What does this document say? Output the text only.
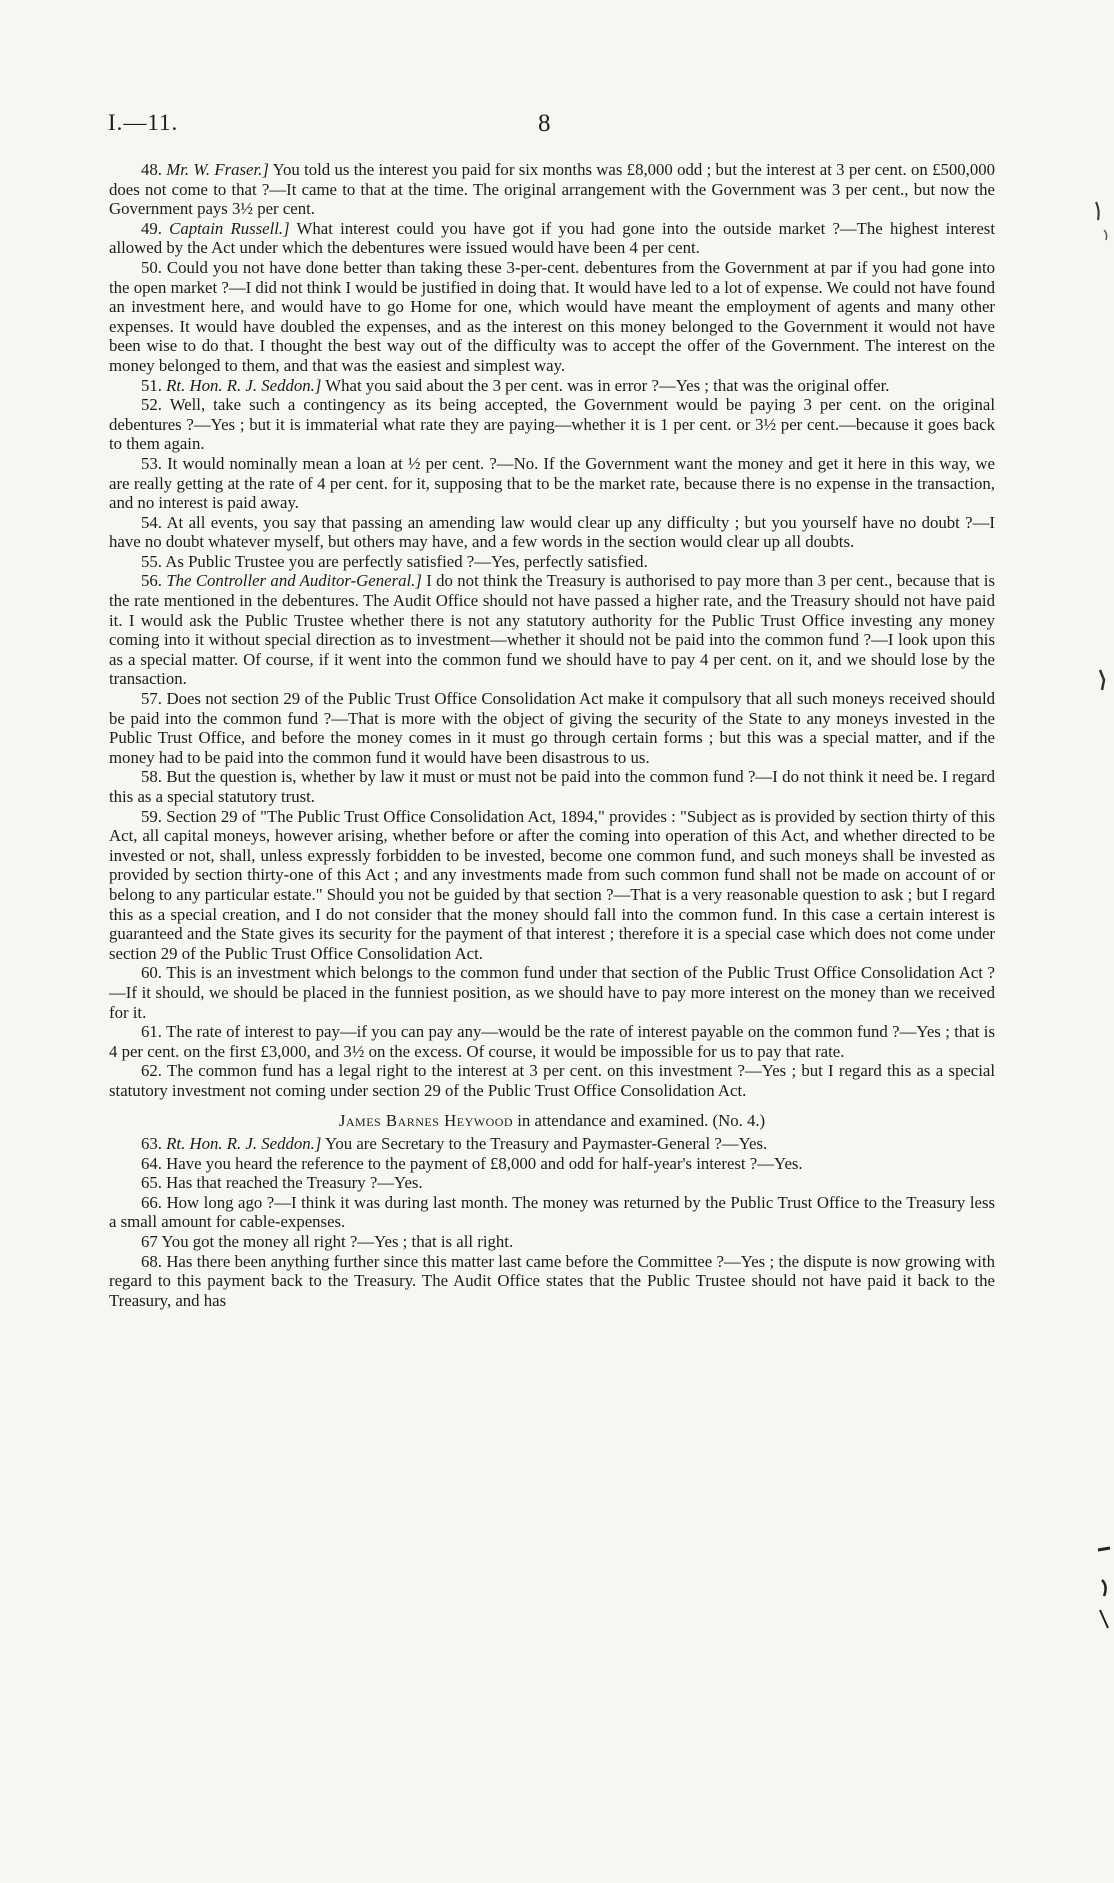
I.—11.	8

48. Mr. W. Fraser.] You told us the interest you paid for six months was £8,000 odd ; but the interest at 3 per cent. on £500,000 does not come to that ?—It came to that at the time. The original arrangement with the Government was 3 per cent., but now the Government pays 3½ per cent.

49. Captain Russell.] What interest could you have got if you had gone into the outside market ?—The highest interest allowed by the Act under which the debentures were issued would have been 4 per cent.

50. Could you not have done better than taking these 3-per-cent. debentures from the Government at par if you had gone into the open market ?—I did not think I would be justified in doing that. It would have led to a lot of expense. We could not have found an investment here, and would have to go Home for one, which would have meant the employment of agents and many other expenses. It would have doubled the expenses, and as the interest on this money belonged to the Government it would not have been wise to do that. I thought the best way out of the difficulty was to accept the offer of the Government. The interest on the money belonged to them, and that was the easiest and simplest way.

51. Rt. Hon. R. J. Seddon.] What you said about the 3 per cent. was in error ?—Yes ; that was the original offer.

52. Well, take such a contingency as its being accepted, the Government would be paying 3 per cent. on the original debentures ?—Yes ; but it is immaterial what rate they are paying—whether it is 1 per cent. or 3½ per cent.—because it goes back to them again.

53. It would nominally mean a loan at ½ per cent. ?—No. If the Government want the money and get it here in this way, we are really getting at the rate of 4 per cent. for it, supposing that to be the market rate, because there is no expense in the transaction, and no interest is paid away.

54. At all events, you say that passing an amending law would clear up any difficulty ; but you yourself have no doubt ?—I have no doubt whatever myself, but others may have, and a few words in the section would clear up all doubts.

55. As Public Trustee you are perfectly satisfied ?—Yes, perfectly satisfied.

56. The Controller and Auditor-General.] I do not think the Treasury is authorised to pay more than 3 per cent., because that is the rate mentioned in the debentures. The Audit Office should not have passed a higher rate, and the Treasury should not have paid it. I would ask the Public Trustee whether there is not any statutory authority for the Public Trust Office investing any money coming into it without special direction as to investment—whether it should not be paid into the common fund ?—I look upon this as a special matter. Of course, if it went into the common fund we should have to pay 4 per cent. on it, and we should lose by the transaction.

57. Does not section 29 of the Public Trust Office Consolidation Act make it compulsory that all such moneys received should be paid into the common fund ?—That is more with the object of giving the security of the State to any moneys invested in the Public Trust Office, and before the money comes in it must go through certain forms ; but this was a special matter, and if the money had to be paid into the common fund it would have been disastrous to us.

58. But the question is, whether by law it must or must not be paid into the common fund ?—I do not think it need be. I regard this as a special statutory trust.

59. Section 29 of "The Public Trust Office Consolidation Act, 1894," provides : "Subject as is provided by section thirty of this Act, all capital moneys, however arising, whether before or after the coming into operation of this Act, and whether directed to be invested or not, shall, unless expressly forbidden to be invested, become one common fund, and such moneys shall be invested as provided by section thirty-one of this Act ; and any investments made from such common fund shall not be made on account of or belong to any particular estate." Should you not be guided by that section ?—That is a very reasonable question to ask ; but I regard this as a special creation, and I do not consider that the money should fall into the common fund. In this case a certain interest is guaranteed and the State gives its security for the payment of that interest ; therefore it is a special case which does not come under section 29 of the Public Trust Office Consolidation Act.

60. This is an investment which belongs to the common fund under that section of the Public Trust Office Consolidation Act ?—If it should, we should be placed in the funniest position, as we should have to pay more interest on the money than we received for it.

61. The rate of interest to pay—if you can pay any—would be the rate of interest payable on the common fund ?—Yes ; that is 4 per cent. on the first £3,000, and 3½ on the excess. Of course, it would be impossible for us to pay that rate.

62. The common fund has a legal right to the interest at 3 per cent. on this investment ?—Yes ; but I regard this as a special statutory investment not coming under section 29 of the Public Trust Office Consolidation Act.

James Barnes Heywood in attendance and examined. (No. 4.)

63. Rt. Hon. R. J. Seddon.] You are Secretary to the Treasury and Paymaster-General ?—Yes.

64. Have you heard the reference to the payment of £8,000 and odd for half-year's interest ?—Yes.

65. Has that reached the Treasury ?—Yes.

66. How long ago ?—I think it was during last month. The money was returned by the Public Trust Office to the Treasury less a small amount for cable-expenses.

67 You got the money all right ?—Yes ; that is all right.

68. Has there been anything further since this matter last came before the Committee ?—Yes ; the dispute is now growing with regard to this payment back to the Treasury. The Audit Office states that the Public Trustee should not have paid it back to the Treasury, and has
